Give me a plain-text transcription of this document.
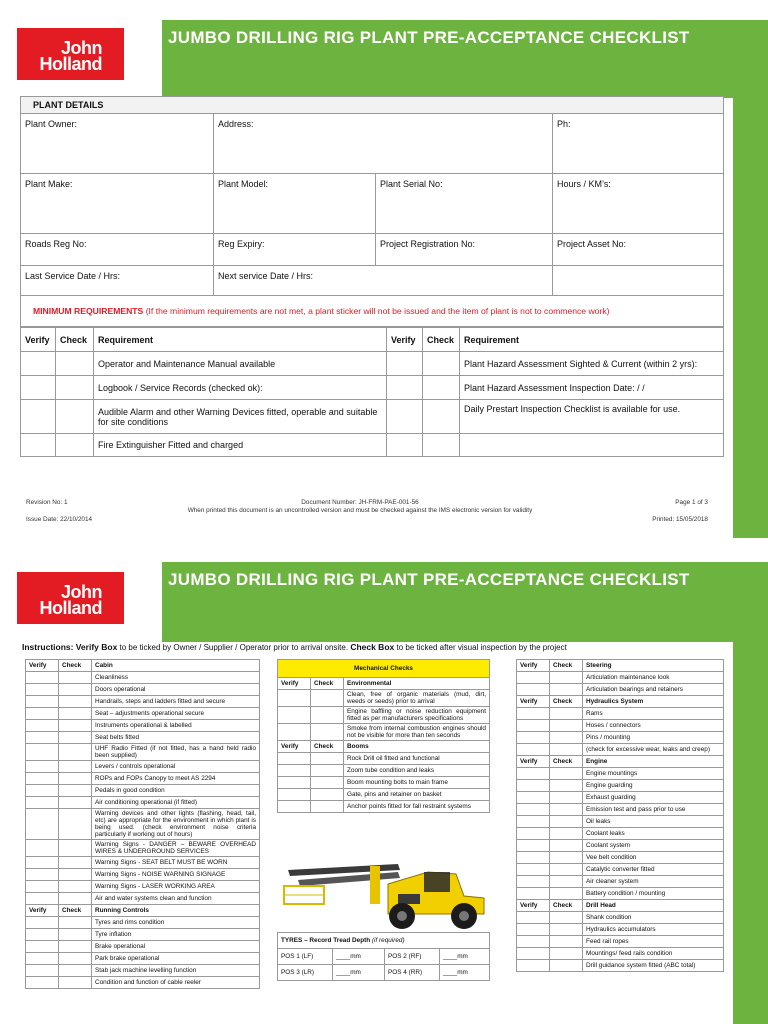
John
Holland
JUMBO DRILLING RIG PLANT PRE-ACCEPTANCE CHECKLIST
PLANT DETAILS			
Plant Owner:	Address:		Ph:
Plant Make:	Plant Model:	Plant Serial No:	Hours / KM’s:
Roads Reg No:	Reg Expiry:	Project Registration No:	Project Asset No:
Last Service Date / Hrs:	Next service Date / Hrs:		
MINIMUM REQUIREMENTS (If the minimum requirements are not met, a plant sticker will not be issued and the item of plant is not to commence work)			
Verify	Check	Requirement	Verify	Check	Requirement
		Operator and Maintenance Manual available			Plant Hazard Assessment Sighted & Current (within 2 yrs):
		Logbook / Service Records (checked ok):			Plant Hazard Assessment Inspection Date: / /
		Audible Alarm and other Warning Devices fitted, operable and suitable for site conditions			Daily Prestart Inspection Checklist is available for use.
		Fire Extinguisher Fitted and charged			
Revision No: 1
Issue Date: 22/10/2014
Document Number: JH-FRM-PAE-001-56
When printed this document is an uncontrolled version and must be checked against the IMS electronic version for validity
Page 1 of 3
Printed: 15/05/2018
John
Holland
JUMBO DRILLING RIG PLANT PRE-ACCEPTANCE CHECKLIST
Instructions: Verify Box to be ticked by Owner / Supplier / Operator prior to arrival onsite. Check Box to be ticked after visual inspection by the project
Verify	Check	Cabin
		Cleanliness
		Doors operational
		Handrails, steps and ladders fitted and secure
		Seat – adjustments operational secure
		Instruments operational & labelled
		Seat belts fitted
		UHF Radio Fitted (if not fitted, has a hand held radio been supplied)
		Levers / controls operational
		ROPs and FOPs Canopy to meet AS 2294
		Pedals in good condition
		Air conditioning operational (if fitted)
		Warning devices and other lights (flashing, head, tail, etc) are appropriate for the environment in which plant is being used. (check environment noise criteria particularly if working out of hours)
		Warning Signs - DANGER – BEWARE OVERHEAD WIRES & UNDERGROUND SERVICES
		Warning Signs - SEAT BELT MUST BE WORN
		Warning Signs - NOISE WARNING SIGNAGE
		Warning Signs - LASER WORKING AREA
		Air and water systems clean and function
Verify	Check	Running Controls
		Tyres and rims condition
		Tyre inflation
		Brake operational
		Park brake operational
		Stab jack machine levelling function
		Condition and function of cable reeler
Mechanical Checks		
Verify	Check	Environmental
		Clean, free of organic materials (mud, dirt, weeds or seeds) prior to arrival
		Engine baffling or noise reduction equipment fitted as per manufacturers specifications
		Smoke from internal combustion engines should not be visible for more than ten seconds
Verify	Check	Booms
		Rock Drill oil fitted and functional
		Zoom tube condition and leaks
		Boom mounting bolts to main frame
		Gate, pins and retainer on basket
		Anchor points fitted for fall restraint systems
TYRES – Record Tread Depth (if required)			
POS 1 (LF)	____mm	POS 2 (RF)	____mm
POS 3 (LR)	____mm	POS 4 (RR)	____mm
Verify	Check	Steering
		Articulation maintenance look
		Articulation bearings and retainers
Verify	Check	Hydraulics System
		Rams
		Hoses / connectors
		Pins / mounting
		(check for excessive wear, leaks and creep)
Verify	Check	Engine
		Engine mountings
		Engine guarding
		Exhaust guarding
		Emission test and pass prior to use
		Oil leaks
		Coolant leaks
		Coolant system
		Vee belt condition
		Catalytic converter fitted
		Air cleaner system
		Battery condition / mounting
Verify	Check	Drill Head
		Shank condition
		Hydraulics accumulators
		Feed rail ropes
		Mountings/ feed rails condition
		Drill guidance system fitted (ABC total)
